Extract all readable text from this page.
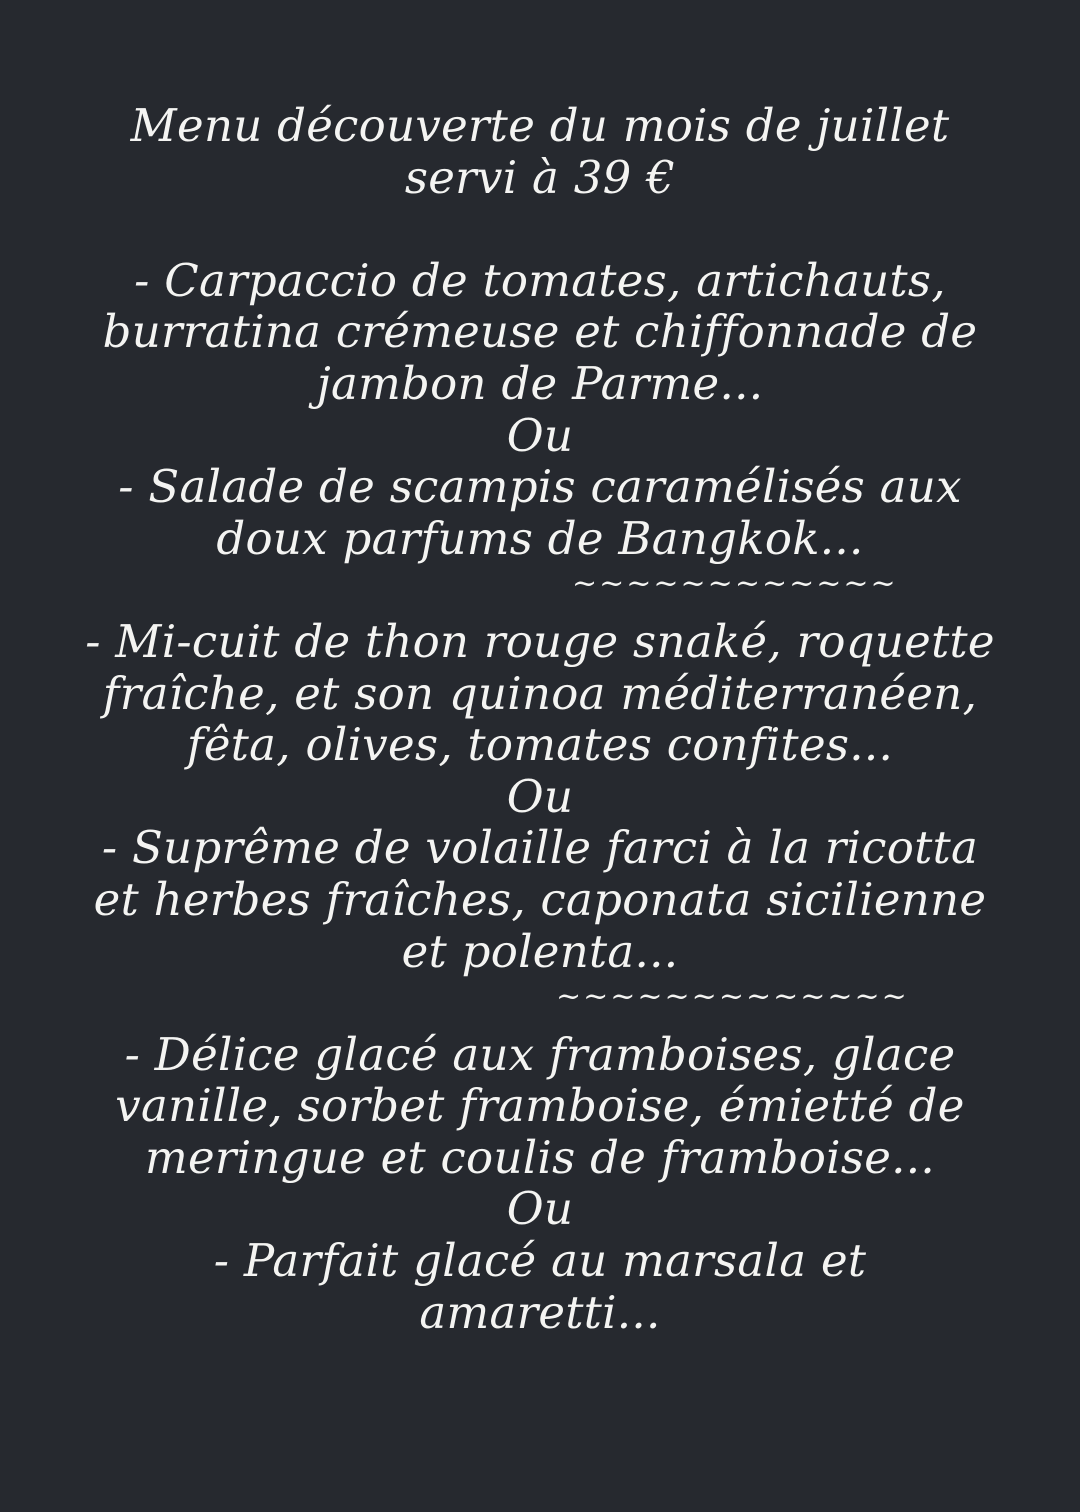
Menu découverte du mois de juillet
servi à 39 €
- Carpaccio de tomates, artichauts,
burratina crémeuse et chiffonnade de
jambon de Parme...
Ou
- Salade de scampis caramélisés aux
doux parfums de Bangkok...
~~~~~~~~~~~~
- Mi-cuit de thon rouge snaké, roquette
fraîche, et son quinoa méditerranéen,
fêta, olives, tomates confites...
Ou
- Suprême de volaille farci à la ricotta
et herbes fraîches, caponata sicilienne
et polenta...
~~~~~~~~~~~~~
- Délice glacé aux framboises, glace
vanille, sorbet framboise, émietté de
meringue et coulis de framboise...
Ou
- Parfait glacé au marsala et
amaretti...
